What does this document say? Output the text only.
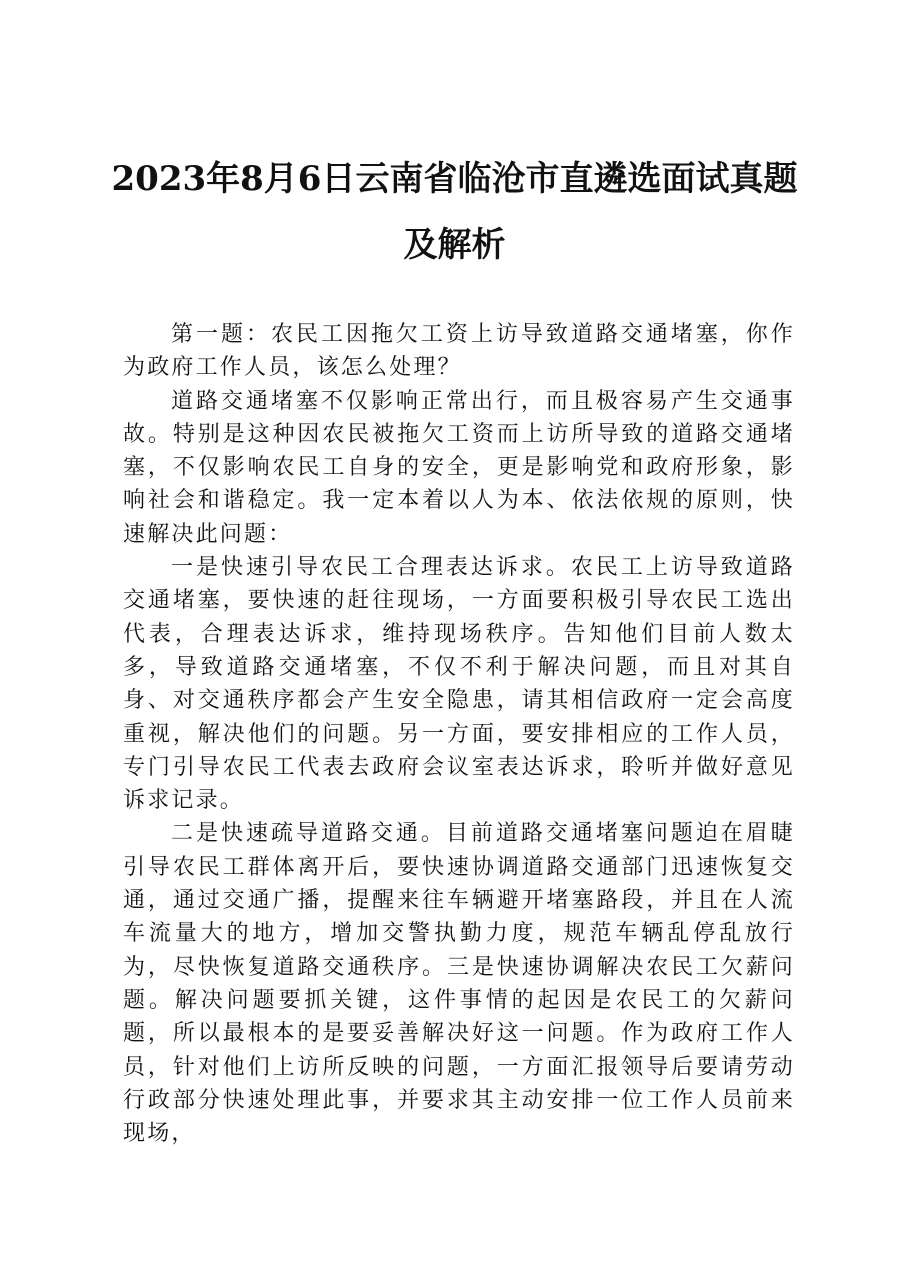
2023年8月6日云南省临沧市直遴选面试真题
及解析

第一题：农民工因拖欠工资上访导致道路交通堵塞，你作为政府工作人员，该怎么处理？

道路交通堵塞不仅影响正常出行，而且极容易产生交通事故。特别是这种因农民被拖欠工资而上访所导致的道路交通堵塞，不仅影响农民工自身的安全，更是影响党和政府形象，影响社会和谐稳定。我一定本着以人为本、依法依规的原则，快速解决此问题：

一是快速引导农民工合理表达诉求。农民工上访导致道路交通堵塞，要快速的赶往现场，一方面要积极引导农民工选出代表，合理表达诉求，维持现场秩序。告知他们目前人数太多，导致道路交通堵塞，不仅不利于解决问题，而且对其自身、对交通秩序都会产生安全隐患，请其相信政府一定会高度重视，解决他们的问题。另一方面，要安排相应的工作人员，专门引导农民工代表去政府会议室表达诉求，聆听并做好意见诉求记录。

二是快速疏导道路交通。目前道路交通堵塞问题迫在眉睫引导农民工群体离开后，要快速协调道路交通部门迅速恢复交通，通过交通广播，提醒来往车辆避开堵塞路段，并且在人流车流量大的地方，增加交警执勤力度，规范车辆乱停乱放行为，尽快恢复道路交通秩序。三是快速协调解决农民工欠薪问题。解决问题要抓关键，这件事情的起因是农民工的欠薪问题，所以最根本的是要妥善解决好这一问题。作为政府工作人员，针对他们上访所反映的问题，一方面汇报领导后要请劳动行政部分快速处理此事，并要求其主动安排一位工作人员前来现场，
